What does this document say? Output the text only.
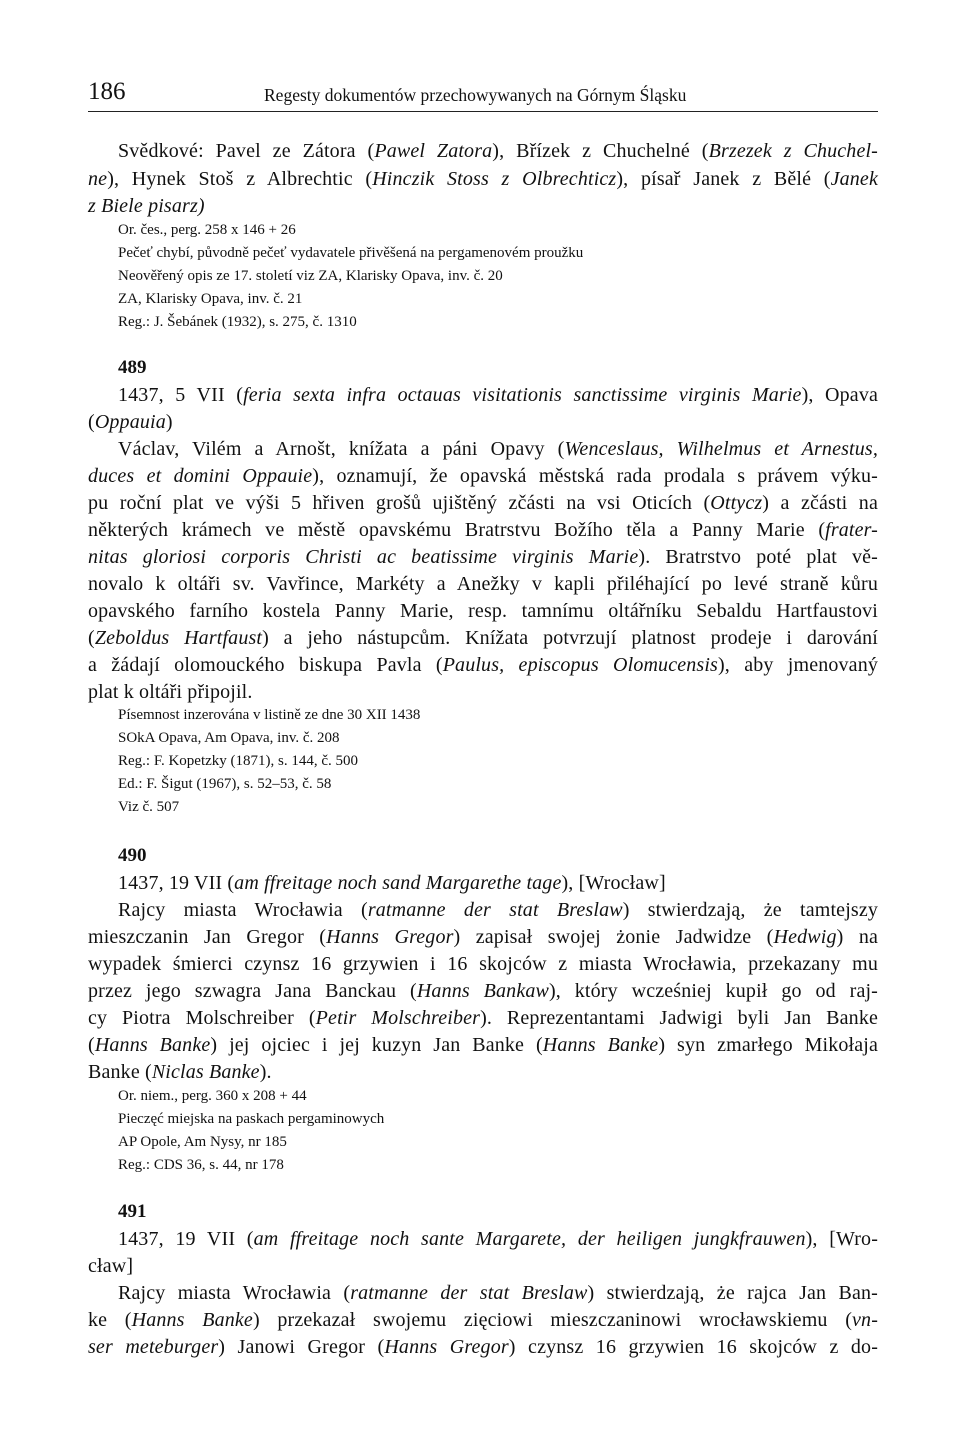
186	Regesty dokumentów przechowywanych na Górnym Śląsku
Svědkové: Pavel ze Zátora (Pawel Zatora), Břízek z Chuchelné (Brzezek z Chuchel-
ne), Hynek Stoš z Albrechtic (Hinczik Stoss z Olbrechticz), písař Janek z Bělé (Janek
z Biele pisarz)
Or. čes., perg. 258 x 146 + 26
Pečeť chybí, původně pečeť vydavatele přivěšená na pergamenovém proužku
Neověřený opis ze 17. století viz ZA, Klarisky Opava, inv. č. 20
ZA, Klarisky Opava, inv. č. 21
Reg.: J. Šebánek (1932), s. 275, č. 1310
489
1437, 5 VII (feria sexta infra octauas visitationis sanctissime virginis Marie), Opava
(Oppauia)
Václav, Vilém a Arnošt, knížata a páni Opavy (Wenceslaus, Wilhelmus et Arnestus,
duces et domini Oppauie), oznamují, že opavská městská rada prodala s právem výku-
pu roční plat ve výši 5 hřiven grošů ujištěný zčásti na vsi Oticích (Ottycz) a zčásti na
některých krámech ve městě opavskému Bratrstvu Božího těla a Panny Marie (frater-
nitas gloriosi corporis Christi ac beatissime virginis Marie). Bratrstvo poté plat vě-
novalo k oltáři sv. Vavřince, Markéty a Anežky v kapli přiléhající po levé straně kůru
opavského farního kostela Panny Marie, resp. tamnímu oltářníku Sebaldu Hartfaustovi
(Zeboldus Hartfaust) a jeho nástupcům. Knížata potvrzují platnost prodeje i darování
a žádají olomouckého biskupa Pavla (Paulus, episcopus Olomucensis), aby jmenovaný
plat k oltáři připojil.
Písemnost inzerována v listině ze dne 30 XII 1438
SOkA Opava, Am Opava, inv. č. 208
Reg.: F. Kopetzky (1871), s. 144, č. 500
Ed.: F. Šigut (1967), s. 52–53, č. 58
Viz č. 507
490
1437, 19 VII (am ffreitage noch sand Margarethe tage), [Wrocław]
Rajcy miasta Wrocławia (ratmanne der stat Breslaw) stwierdzają, że tamtejszy
mieszczanin Jan Gregor (Hanns Gregor) zapisał swojej żonie Jadwidze (Hedwig) na
wypadek śmierci czynsz 16 grzywien i 16 skojców z miasta Wrocławia, przekazany mu
przez jego szwagra Jana Banckau (Hanns Bankaw), który wcześniej kupił go od raj-
cy Piotra Molschreiber (Petir Molschreiber). Reprezentantami Jadwigi byli Jan Banke
(Hanns Banke) jej ojciec i jej kuzyn Jan Banke (Hanns Banke) syn zmarłego Mikołaja
Banke (Niclas Banke).
Or. niem., perg. 360 x 208 + 44
Pieczęć miejska na paskach pergaminowych
AP Opole, Am Nysy, nr 185
Reg.: CDS 36, s. 44, nr 178
491
1437, 19 VII (am ffreitage noch sante Margarete, der heiligen jungkfrauwen), [Wro-
cław]
Rajcy miasta Wrocławia (ratmanne der stat Breslaw) stwierdzają, że rajca Jan Ban-
ke (Hanns Banke) przekazał swojemu zięciowi mieszczaninowi wrocławskiemu (vn-
ser meteburger) Janowi Gregor (Hanns Gregor) czynsz 16 grzywien 16 skojców z do-
